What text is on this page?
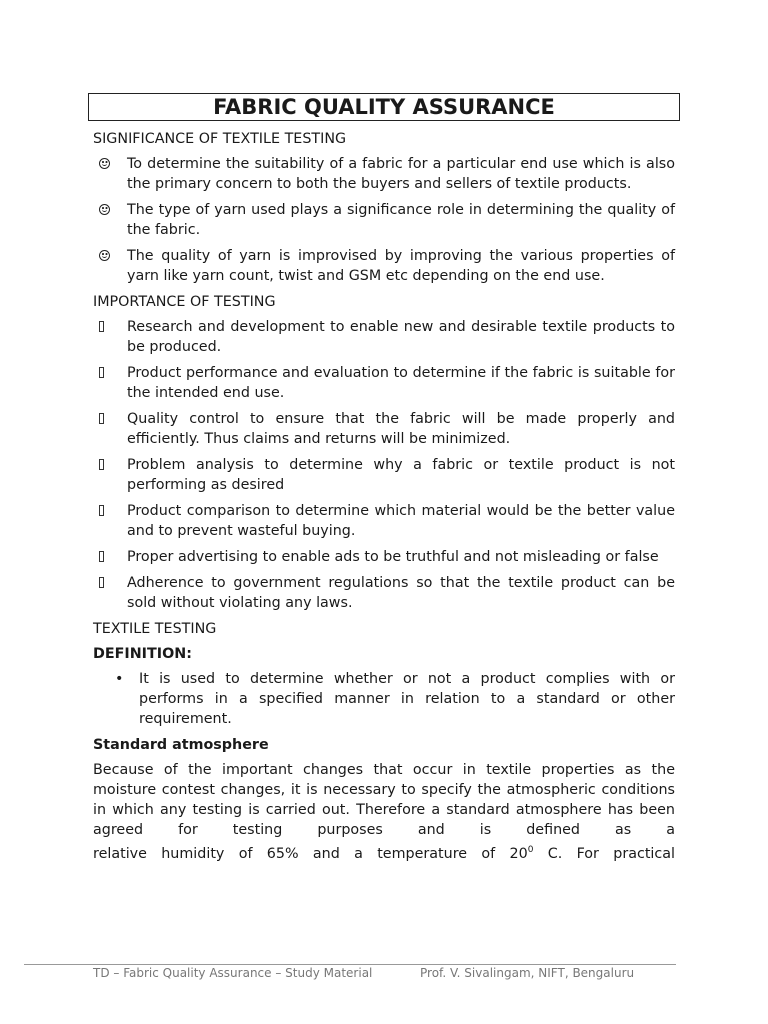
FABRIC QUALITY ASSURANCE
SIGNIFICANCE OF TEXTILE TESTING
To determine the suitability of a fabric for a particular end use which is also the primary concern to both the buyers and sellers of textile products.
The type of yarn used plays a significance role in determining the quality of the fabric.
The quality of yarn is improvised by improving the various properties of yarn like yarn count, twist and GSM etc depending on the end use.
IMPORTANCE OF TESTING
Research and development to enable new and desirable textile products to be produced.
Product performance and evaluation to determine if the fabric is suitable for the intended end use.
Quality control to ensure that the fabric will be made properly and efficiently. Thus claims and returns will be minimized.
Problem analysis to determine why a fabric or textile product is not performing as desired
Product comparison to determine which material would be the better value and to prevent wasteful buying.
Proper advertising to enable ads to be truthful and not misleading or false
Adherence to government regulations so that the textile product can be sold without violating any laws.
TEXTILE TESTING
DEFINITION:
•	It is used to determine whether or not a product complies with or performs in a specified manner in relation to a standard or other requirement.
Standard atmosphere
Because of the important changes that occur in textile properties as the moisture contest changes, it is necessary to specify the atmospheric conditions in which any testing is carried out. Therefore a standard atmosphere has been agreed for testing purposes and is defined as a
relative humidity of 65% and a temperature of $20^0$ C. For practical
TD – Fabric Quality Assurance – Study Material	Prof. V. Sivalingam, NIFT, Bengaluru
